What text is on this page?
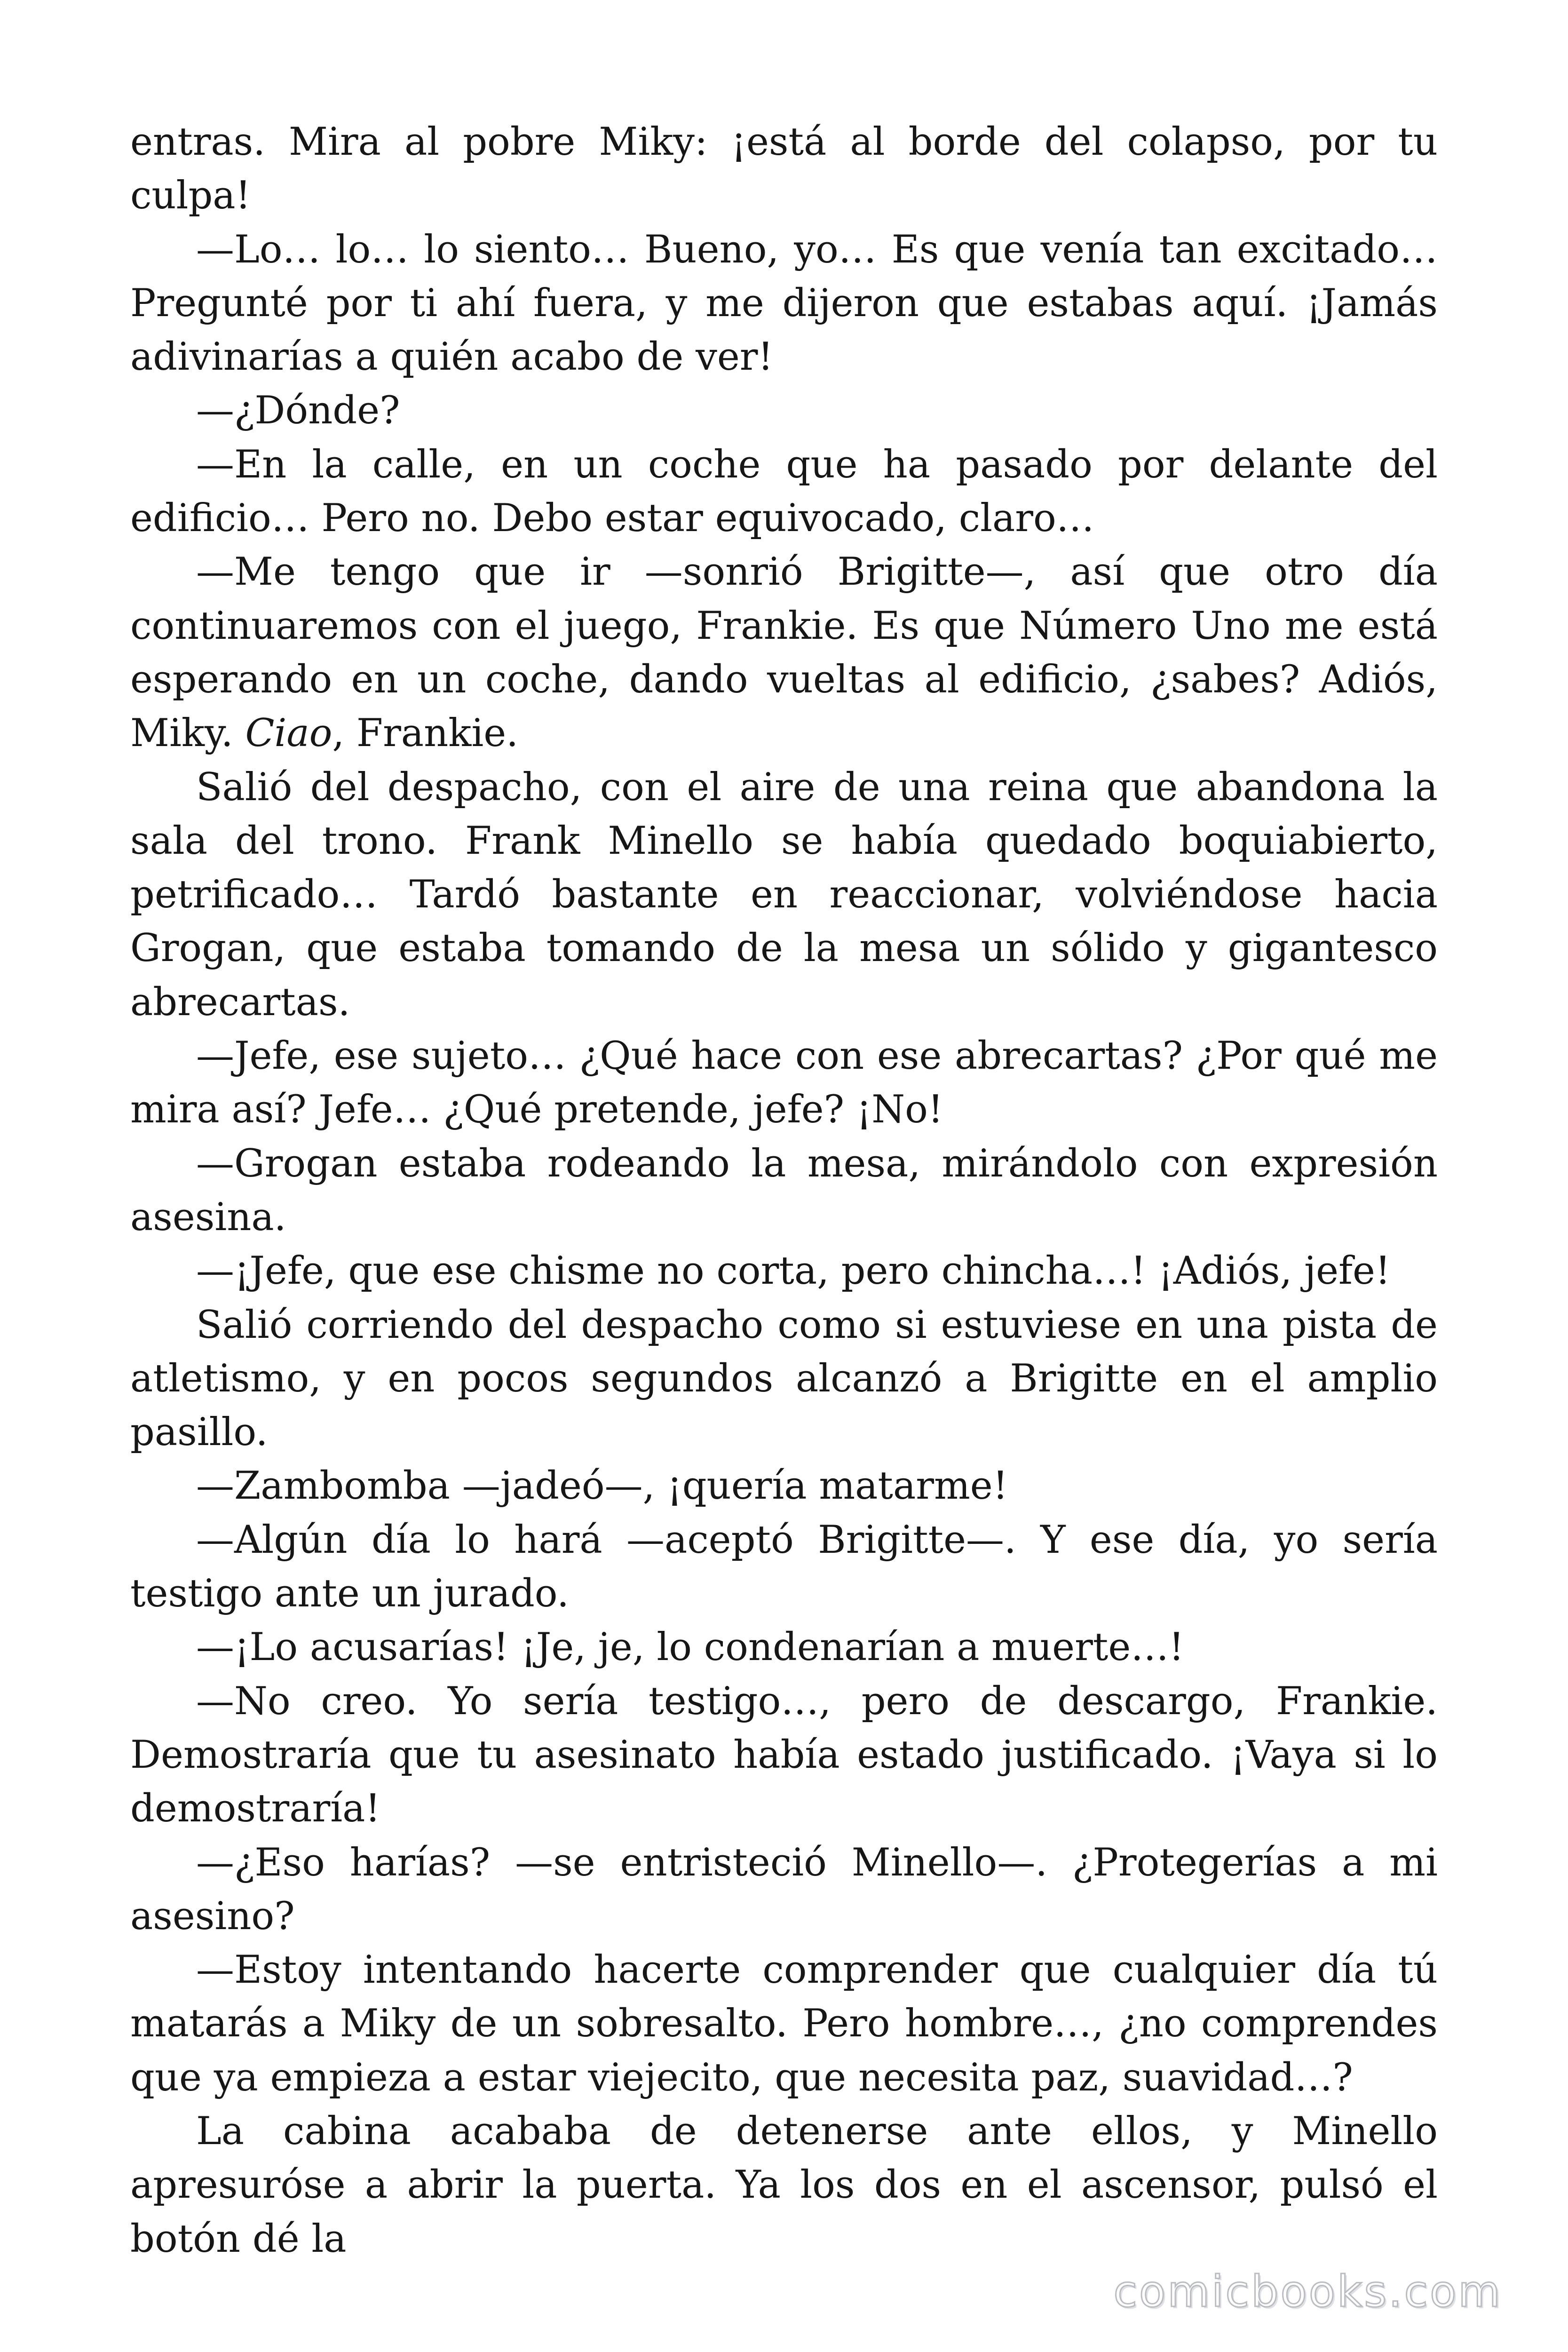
entras. Mira al pobre Miky: ¡está al borde del colapso, por tu culpa!

—Lo… lo… lo siento… Bueno, yo… Es que venía tan excitado… Pregunté por ti ahí fuera, y me dijeron que estabas aquí. ¡Jamás adivinarías a quién acabo de ver!

—¿Dónde?

—En la calle, en un coche que ha pasado por delante del edificio… Pero no. Debo estar equivocado, claro…

—Me tengo que ir —sonrió Brigitte—, así que otro día continuaremos con el juego, Frankie. Es que Número Uno me está esperando en un coche, dando vueltas al edificio, ¿sabes? Adiós, Miky. Ciao, Frankie.

Salió del despacho, con el aire de una reina que abandona la sala del trono. Frank Minello se había quedado boquiabierto, petrificado… Tardó bastante en reaccionar, volviéndose hacia Grogan, que estaba tomando de la mesa un sólido y gigantesco abrecartas.

—Jefe, ese sujeto… ¿Qué hace con ese abrecartas? ¿Por qué me mira así? Jefe… ¿Qué pretende, jefe? ¡No!

—Grogan estaba rodeando la mesa, mirándolo con expresión asesina.

—¡Jefe, que ese chisme no corta, pero chincha…! ¡Adiós, jefe!

Salió corriendo del despacho como si estuviese en una pista de atletismo, y en pocos segundos alcanzó a Brigitte en el amplio pasillo.

—Zambomba —jadeó—, ¡quería matarme!

—Algún día lo hará —aceptó Brigitte—. Y ese día, yo sería testigo ante un jurado.

—¡Lo acusarías! ¡Je, je, lo condenarían a muerte…!

—No creo. Yo sería testigo…, pero de descargo, Frankie. Demostraría que tu asesinato había estado justificado. ¡Vaya si lo demostraría!

—¿Eso harías? —se entristeció Minello—. ¿Protegerías a mi asesino?

—Estoy intentando hacerte comprender que cualquier día tú matarás a Miky de un sobresalto. Pero hombre…, ¿no comprendes que ya empieza a estar viejecito, que necesita paz, suavidad…?

La cabina acababa de detenerse ante ellos, y Minello apresuróse a abrir la puerta. Ya los dos en el ascensor, pulsó el botón dé la

comicbooks.com
